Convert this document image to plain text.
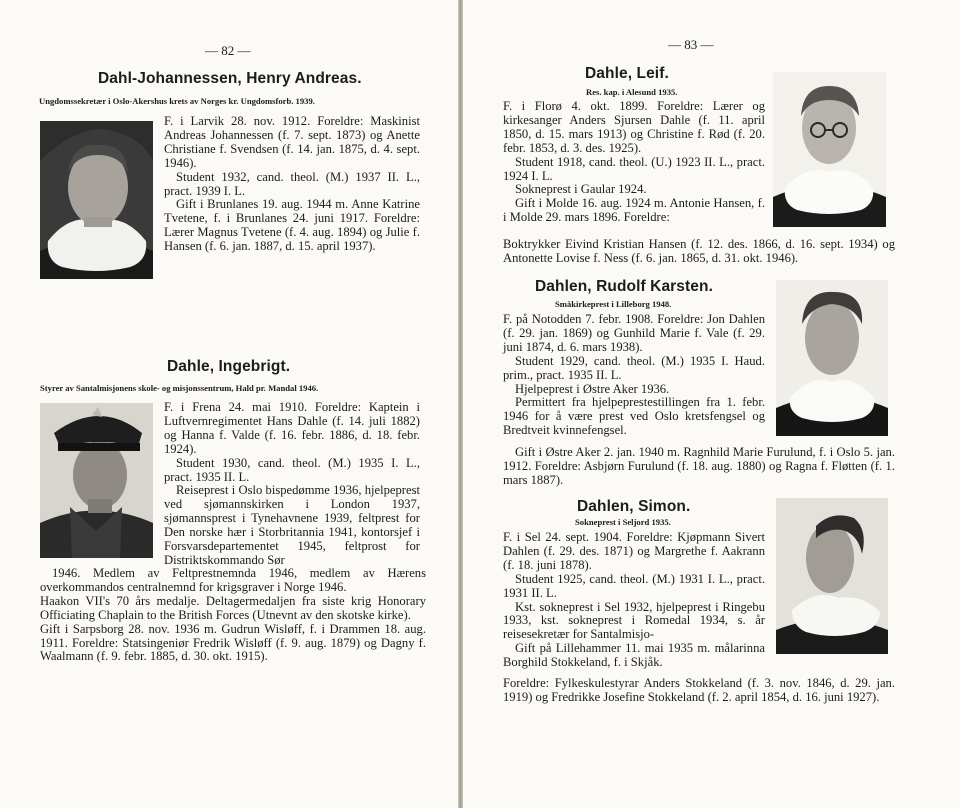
— 82 —
Dahl-Johannessen, Henry Andreas.
Ungdomssekretær i Oslo-Akershus krets av Norges kr. Ungdomsforb. 1939.

F. i Larvik 28. nov. 1912. Foreldre: Maskinist Andreas Johannessen (f. 7. sept. 1873) og Anette Christiane f. Svendsen (f. 14. jan. 1875, d. 4. sept. 1946).

Student 1932, cand. theol. (M.) 1937 II. L., pract. 1939 I. L.

Gift i Brunlanes 19. aug. 1944 m. Anne Katrine Tvetene, f. i Brunlanes 24. juni 1917. Foreldre: Lærer Magnus Tvetene (f. 4. aug. 1894) og Julie f. Hansen (f. 6. jan. 1887, d. 15. april 1937).

Dahle, Ingebrigt.
Styrer av Santalmisjonens skole- og misjonssentrum, Hald pr. Mandal 1946.

F. i Frena 24. mai 1910. Foreldre: Kaptein i Luftvernregimentet Hans Dahle (f. 14. juli 1882) og Hanna f. Valde (f. 16. febr. 1886, d. 18. febr. 1924).

Student 1930, cand. theol. (M.) 1935 I. L., pract. 1935 II. L.

Reiseprest i Oslo bispedømme 1936, hjelpeprest ved sjømannskirken i London 1937, sjømannsprest i Tynehavnene 1939, feltprest for Den norske hær i Storbritannia 1941, kontorsjef i Forsvarsdepartementet 1945, feltprost for Distriktskommando Sør

1946. Medlem av Feltprestnemnda 1946, medlem av Hærens overkommandos centralnemnd for krigsgraver i Norge 1946.

Haakon VII's 70 års medalje. Deltagermedaljen fra siste krig Honorary Officiating Chaplain to the British Forces (Utnevnt av den skotske kirke).

Gift i Sarpsborg 28. nov. 1936 m. Gudrun Wisløff, f. i Drammen 18. aug. 1911. Foreldre: Statsingeniør Fredrik Wisløff (f. 9. aug. 1879) og Dagny f. Waalmann (f. 9. febr. 1885, d. 30. okt. 1915).

— 83 —
Dahle, Leif.
Res. kap. i Alesund 1935.

F. i Florø 4. okt. 1899. Foreldre: Lærer og kirkesanger Anders Sjursen Dahle (f. 11. april 1850, d. 15. mars 1913) og Christine f. Rød (f. 20. febr. 1853, d. 3. des. 1925).

Student 1918, cand. theol. (U.) 1923 II. L., pract. 1924 I. L.

Sokneprest i Gaular 1924.

Gift i Molde 16. aug. 1924 m. Antonie Hansen, f. i Molde 29. mars 1896. Foreldre:

Boktrykker Eivind Kristian Hansen (f. 12. des. 1866, d. 16. sept. 1934) og Antonette Lovise f. Ness (f. 6. jan. 1865, d. 31. okt. 1946).

Dahlen, Rudolf Karsten.
Småkirkeprest i Lilleborg 1948.

F. på Notodden 7. febr. 1908. Foreldre: Jon Dahlen (f. 29. jan. 1869) og Gunhild Marie f. Vale (f. 29. juni 1874, d. 6. mars 1938).

Student 1929, cand. theol. (M.) 1935 I. Haud. prim., pract. 1935 II. L.

Hjelpeprest i Østre Aker 1936.

Permittert fra hjelpeprestestillingen fra 1. febr. 1946 for å være prest ved Oslo kretsfengsel og Bredtveit kvinnefengsel.

Gift i Østre Aker 2. jan. 1940 m. Ragnhild Marie Furulund, f. i Oslo 5. jan. 1912. Foreldre: Asbjørn Furulund (f. 18. aug. 1880) og Ragna f. Fløtten (f. 1. mars 1887).

Dahlen, Simon.
Sokneprest i Seljord 1935.

F. i Sel 24. sept. 1904. Foreldre: Kjøpmann Sivert Dahlen (f. 29. des. 1871) og Margrethe f. Aakrann (f. 18. juni 1878).

Student 1925, cand. theol. (M.) 1931 I. L., pract. 1931 II. L.

Kst. sokneprest i Sel 1932, hjelpeprest i Ringebu 1933, kst. sokneprest i Romedal 1934, s. år reisesekretær for Santalmisjo-

Gift på Lillehammer 11. mai 1935 m. målarinna Borghild Stokkeland, f. i Skjåk.

Foreldre: Fylkeskulestyrar Anders Stokkeland (f. 3. nov. 1846, d. 29. jan. 1919) og Fredrikke Josefine Stokkeland (f. 2. april 1854, d. 16. juni 1927).
